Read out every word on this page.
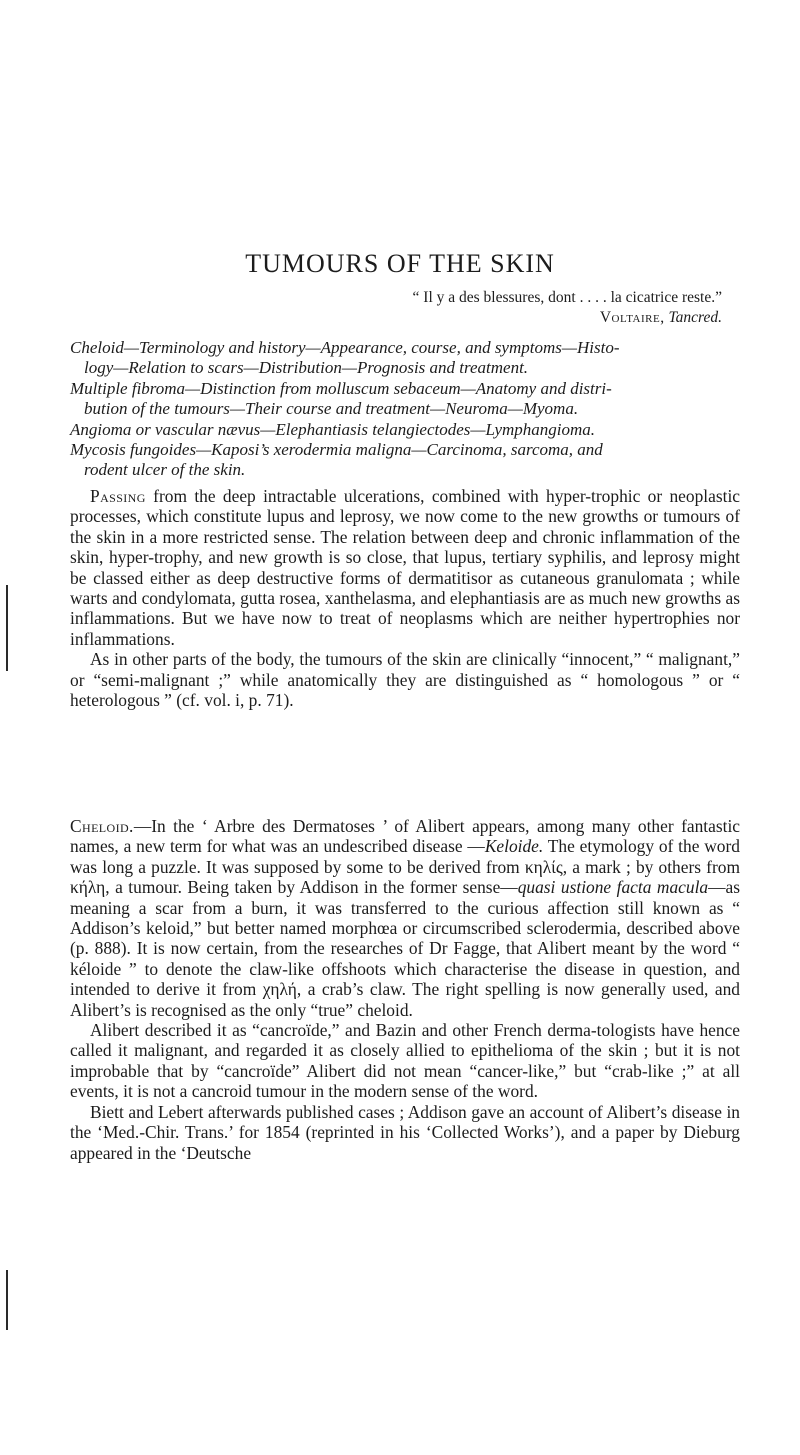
TUMOURS OF THE SKIN
“ Il y a des blessures, dont . . . . la cicatrice reste.”
Voltaire, Tancred.
Cheloid—Terminology and history—Appearance, course, and symptoms—Histo-
logy—Relation to scars—Distribution—Prognosis and treatment.
Multiple fibroma—Distinction from molluscum sebaceum—Anatomy and distri-
bution of the tumours—Their course and treatment—Neuroma—Myoma.
Angioma or vascular nævus—Elephantiasis telangiectodes—Lymphangioma.
Mycosis fungoides—Kaposi’s xerodermia maligna—Carcinoma, sarcoma, and
rodent ulcer of the skin.

Passing from the deep intractable ulcerations, combined with hyper-trophic or neoplastic processes, which constitute lupus and leprosy, we now come to the new growths or tumours of the skin in a more restricted sense. The relation between deep and chronic inflammation of the skin, hyper-trophy, and new growth is so close, that lupus, tertiary syphilis, and leprosy might be classed either as deep destructive forms of dermatitisor as cutaneous granulomata ; while warts and condylomata, gutta rosea, xanthelasma, and elephantiasis are as much new growths as inflammations. But we have now to treat of neoplasms which are neither hypertrophies nor inflammations.

As in other parts of the body, the tumours of the skin are clinically “innocent,” “ malignant,” or “semi-malignant ;” while anatomically they are distinguished as “ homologous ” or “ heterologous ” (cf. vol. i, p. 71).

Cheloid.—In the ‘ Arbre des Dermatoses ’ of Alibert appears, among many other fantastic names, a new term for what was an undescribed disease —Keloide. The etymology of the word was long a puzzle. It was supposed by some to be derived from κηλίς, a mark ; by others from κήλη, a tumour. Being taken by Addison in the former sense—quasi ustione facta macula—as meaning a scar from a burn, it was transferred to the curious affection still known as “ Addison’s keloid,” but better named morphœa or circumscribed sclerodermia, described above (p. 888). It is now certain, from the researches of Dr Fagge, that Alibert meant by the word “ kéloide ” to denote the claw-like offshoots which characterise the disease in question, and intended to derive it from χηλή, a crab’s claw. The right spelling is now generally used, and Alibert’s is recognised as the only “true” cheloid.

Alibert described it as “cancroïde,” and Bazin and other French derma-tologists have hence called it malignant, and regarded it as closely allied to epithelioma of the skin ; but it is not improbable that by “cancroïde” Alibert did not mean “cancer-like,” but “crab-like ;” at all events, it is not a cancroid tumour in the modern sense of the word.

Biett and Lebert afterwards published cases ; Addison gave an account of Alibert’s disease in the ‘Med.-Chir. Trans.’ for 1854 (reprinted in his ‘Collected Works’), and a paper by Dieburg appeared in the ‘Deutsche
